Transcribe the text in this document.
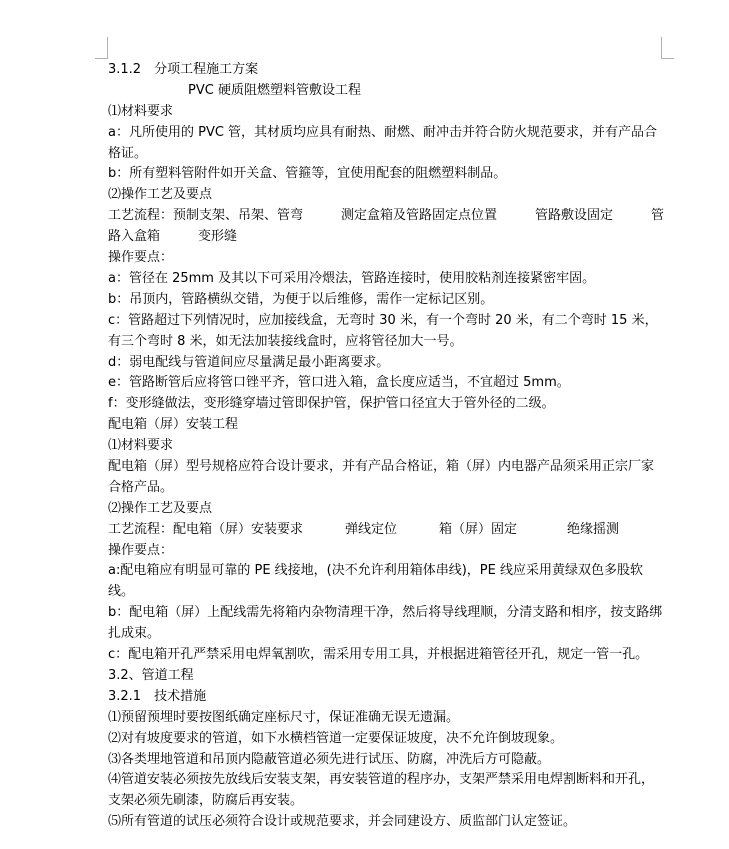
3.1.2　分项工程施工方案
PVC 硬质阻燃塑料管敷设工程
⑴材料要求
a：凡所使用的 PVC 管，其材质均应具有耐热、耐燃、耐冲击并符合防火规范要求，并有产品合格证。
b：所有塑料管附件如开关盒、管箍等，宜使用配套的阻燃塑料制品。
⑵操作工艺及要点
工艺流程：预制支架、吊架、管弯	测定盒箱及管路固定点位置	管路敷设固定	管
路入盒箱	变形缝
操作要点：
a：管径在 25mm 及其以下可采用冷煨法，管路连接时，使用胶粘剂连接紧密牢固。
b：吊顶内，管路横纵交错，为便于以后维修，需作一定标记区别。
c：管路超过下列情况时，应加接线盒，无弯时 30 米，有一个弯时 20 米，有二个弯时 15 米，有三个弯时 8 米，如无法加装接线盒时，应将管径加大一号。
d：弱电配线与管道间应尽量满足最小距离要求。
e：管路断管后应将管口锉平齐，管口进入箱，盒长度应适当，不宜超过 5mm。
f：变形缝做法，变形缝穿墙过管即保护管，保护管口径宜大于管外径的二级。
配电箱（屏）安装工程
⑴材料要求
配电箱（屏）型号规格应符合设计要求，并有产品合格证，箱（屏）内电器产品须采用正宗厂家合格产品。
⑵操作工艺及要点
工艺流程：配电箱（屏）安装要求	弹线定位	箱（屏）固定	绝缘摇测
操作要点：
a:配电箱应有明显可靠的 PE 线接地，(决不允许利用箱体串线)，PE 线应采用黄绿双色多股软线。
b：配电箱（屏）上配线需先将箱内杂物清理干净，然后将导线理顺，分清支路和相序，按支路绑扎成束。
c：配电箱开孔严禁采用电焊氧割吹，需采用专用工具，并根据进箱管径开孔，规定一管一孔。
3.2、管道工程
3.2.1　技术措施
⑴预留预埋时要按图纸确定座标尺寸，保证准确无误无遗漏。
⑵对有坡度要求的管道，如下水横档管道一定要保证坡度，决不允许倒坡现象。
⑶各类埋地管道和吊顶内隐蔽管道必须先进行试压、防腐，冲洗后方可隐蔽。
⑷管道安装必须按先放线后安装支架，再安装管道的程序办，支架严禁采用电焊割断料和开孔，支架必须先刷漆，防腐后再安装。
⑸所有管道的试压必须符合设计或规范要求，并会同建设方、质监部门认定签证。
